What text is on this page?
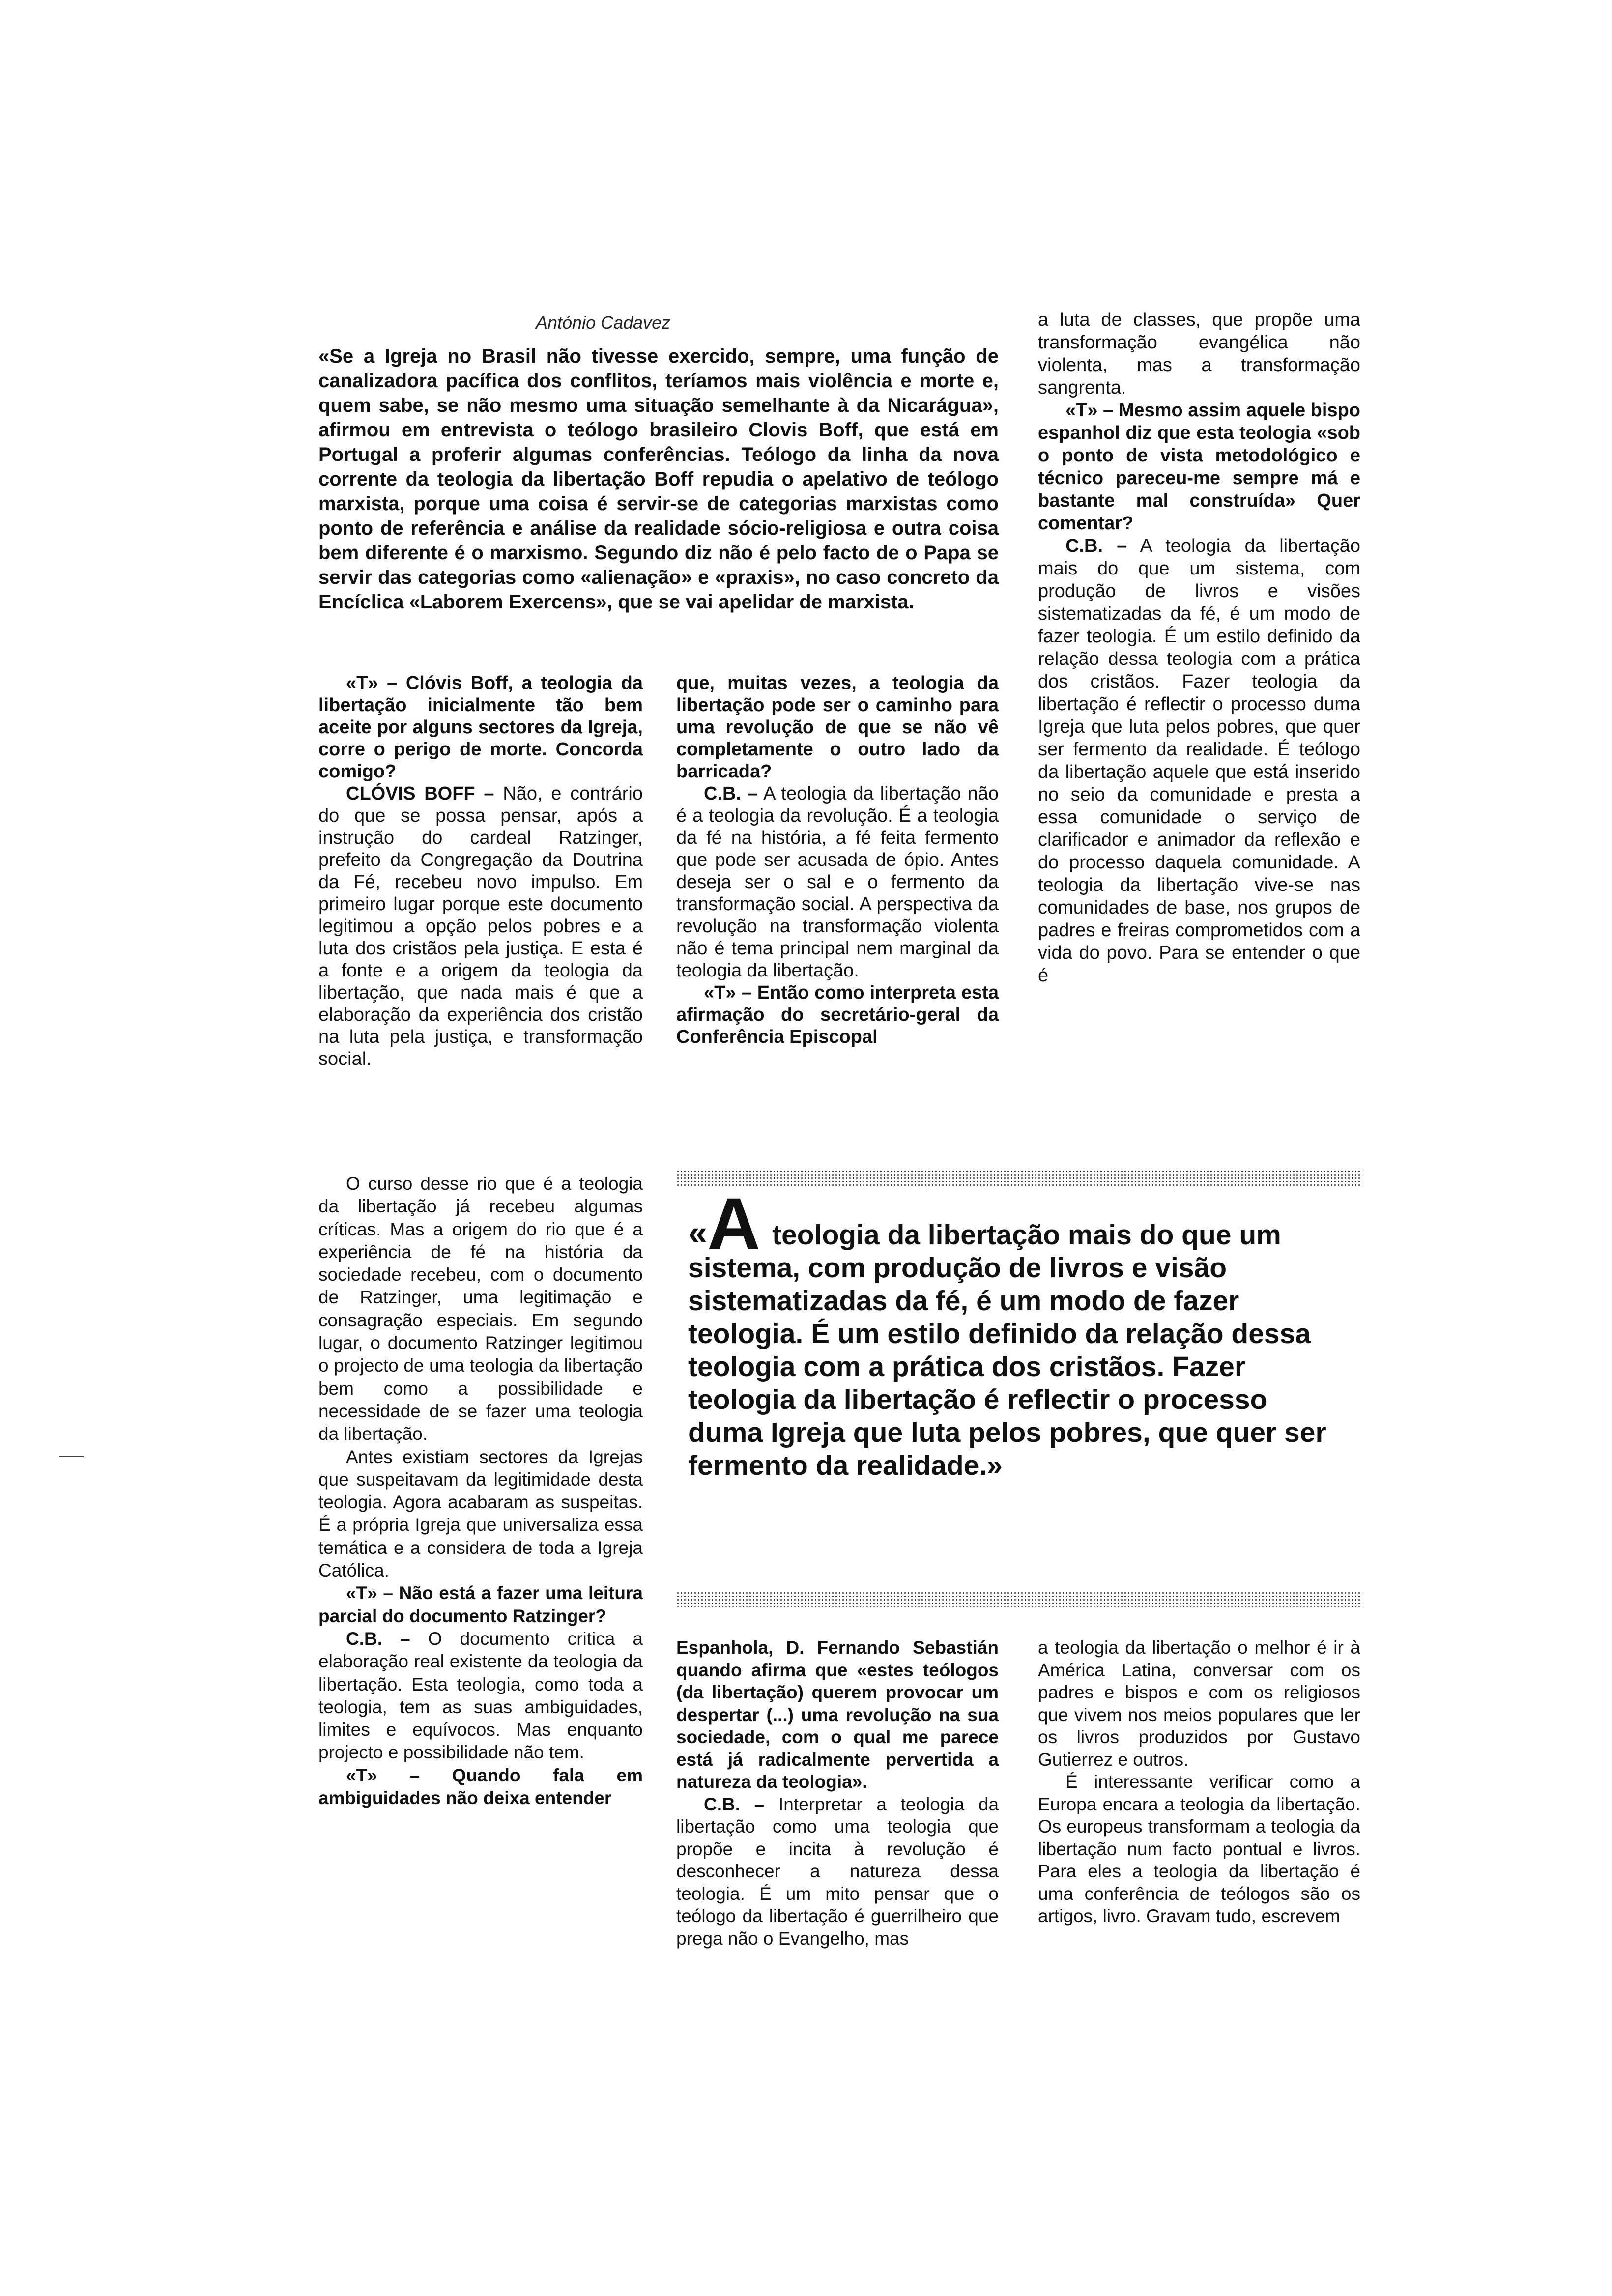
António Cadavez
«Se a Igreja no Brasil não tivesse exercido, sempre, uma função de canalizadora pacífica dos conflitos, teríamos mais violência e morte e, quem sabe, se não mesmo uma situação semelhante à da Nicarágua», afirmou em entrevista o teólogo brasileiro Clovis Boff, que está em Portugal a proferir algumas conferências. Teólogo da linha da nova corrente da teologia da libertação Boff repudia o apelativo de teólogo marxista, porque uma coisa é servir-se de categorias marxistas como ponto de referência e análise da realidade sócio-religiosa e outra coisa bem diferente é o marxismo. Segundo diz não é pelo facto de o Papa se servir das categorias como «alienação» e «praxis», no caso concreto da Encíclica «Laborem Exercens», que se vai apelidar de marxista.

«T» – Clóvis Boff, a teologia da libertação inicialmente tão bem aceite por alguns sectores da Igreja, corre o perigo de morte. Concorda comigo?

CLÓVIS BOFF – Não, e contrário do que se possa pensar, após a instrução do cardeal Ratzinger, prefeito da Congregação da Doutrina da Fé, recebeu novo impulso. Em primeiro lugar porque este documento legitimou a opção pelos pobres e a luta dos cristãos pela justiça. E esta é a fonte e a origem da teologia da libertação, que nada mais é que a elaboração da experiência dos cristão na luta pela justiça, e transformação social.

O curso desse rio que é a teologia da libertação já recebeu algumas críticas. Mas a origem do rio que é a experiência de fé na história da sociedade recebeu, com o documento de Ratzinger, uma legitimação e consagração especiais. Em segundo lugar, o documento Ratzinger legitimou o projecto de uma teologia da libertação bem como a possibilidade e necessidade de se fazer uma teologia da libertação.

Antes existiam sectores da Igrejas que suspeitavam da legitimidade desta teologia. Agora acabaram as suspeitas. É a própria Igreja que universaliza essa temática e a considera de toda a Igreja Católica.

«T» – Não está a fazer uma leitura parcial do documento Ratzinger?

C.B. – O documento critica a elaboração real existente da teologia da libertação. Esta teologia, como toda a teologia, tem as suas ambiguidades, limites e equívocos. Mas enquanto projecto e possibilidade não tem.

«T» – Quando fala em ambiguidades não deixa entender

que, muitas vezes, a teologia da libertação pode ser o caminho para uma revolução de que se não vê completamente o outro lado da barricada?

C.B. – A teologia da libertação não é a teologia da revolução. É a teologia da fé na história, a fé feita fermento que pode ser acusada de ópio. Antes deseja ser o sal e o fermento da transformação social. A perspectiva da revolução na transformação violenta não é tema principal nem marginal da teologia da libertação.

«T» – Então como interpreta esta afirmação do secretário-geral da Conferência Episcopal

a luta de classes, que propõe uma transformação evangélica não violenta, mas a transformação sangrenta.

«T» – Mesmo assim aquele bispo espanhol diz que esta teologia «sob o ponto de vista metodológico e técnico pareceu-me sempre má e bastante mal construída» Quer comentar?

C.B. – A teologia da libertação mais do que um sistema, com produção de livros e visões sistematizadas da fé, é um modo de fazer teologia. É um estilo definido da relação dessa teologia com a prática dos cristãos. Fazer teologia da libertação é reflectir o processo duma Igreja que luta pelos pobres, que quer ser fermento da realidade. É teólogo da libertação aquele que está inserido no seio da comunidade e presta a essa comunidade o serviço de clarificador e animador da reflexão e do processo daquela comunidade. A teologia da libertação vive-se nas comunidades de base, nos grupos de padres e freiras comprometidos com a vida do povo. Para se entender o que é

«A teologia da libertação mais do que um sistema, com produção de livros e visão sistematizadas da fé, é um modo de fazer teologia. É um estilo definido da relação dessa teologia com a prática dos cristãos. Fazer teologia da libertação é reflectir o processo duma Igreja que luta pelos pobres, que quer ser fermento da realidade.»

Espanhola, D. Fernando Sebastián quando afirma que «estes teólogos (da libertação) querem provocar um despertar (...) uma revolução na sua sociedade, com o qual me parece está já radicalmente pervertida a natureza da teologia».

C.B. – Interpretar a teologia da libertação como uma teologia que propõe e incita à revolução é desconhecer a natureza dessa teologia. É um mito pensar que o teólogo da libertação é guerrilheiro que prega não o Evangelho, mas

a teologia da libertação o melhor é ir à América Latina, conversar com os padres e bispos e com os religiosos que vivem nos meios populares que ler os livros produzidos por Gustavo Gutierrez e outros.

É interessante verificar como a Europa encara a teologia da libertação. Os europeus transformam a teologia da libertação num facto pontual e livros. Para eles a teologia da libertação é uma conferência de teólogos são os artigos, livro. Gravam tudo, escrevem
